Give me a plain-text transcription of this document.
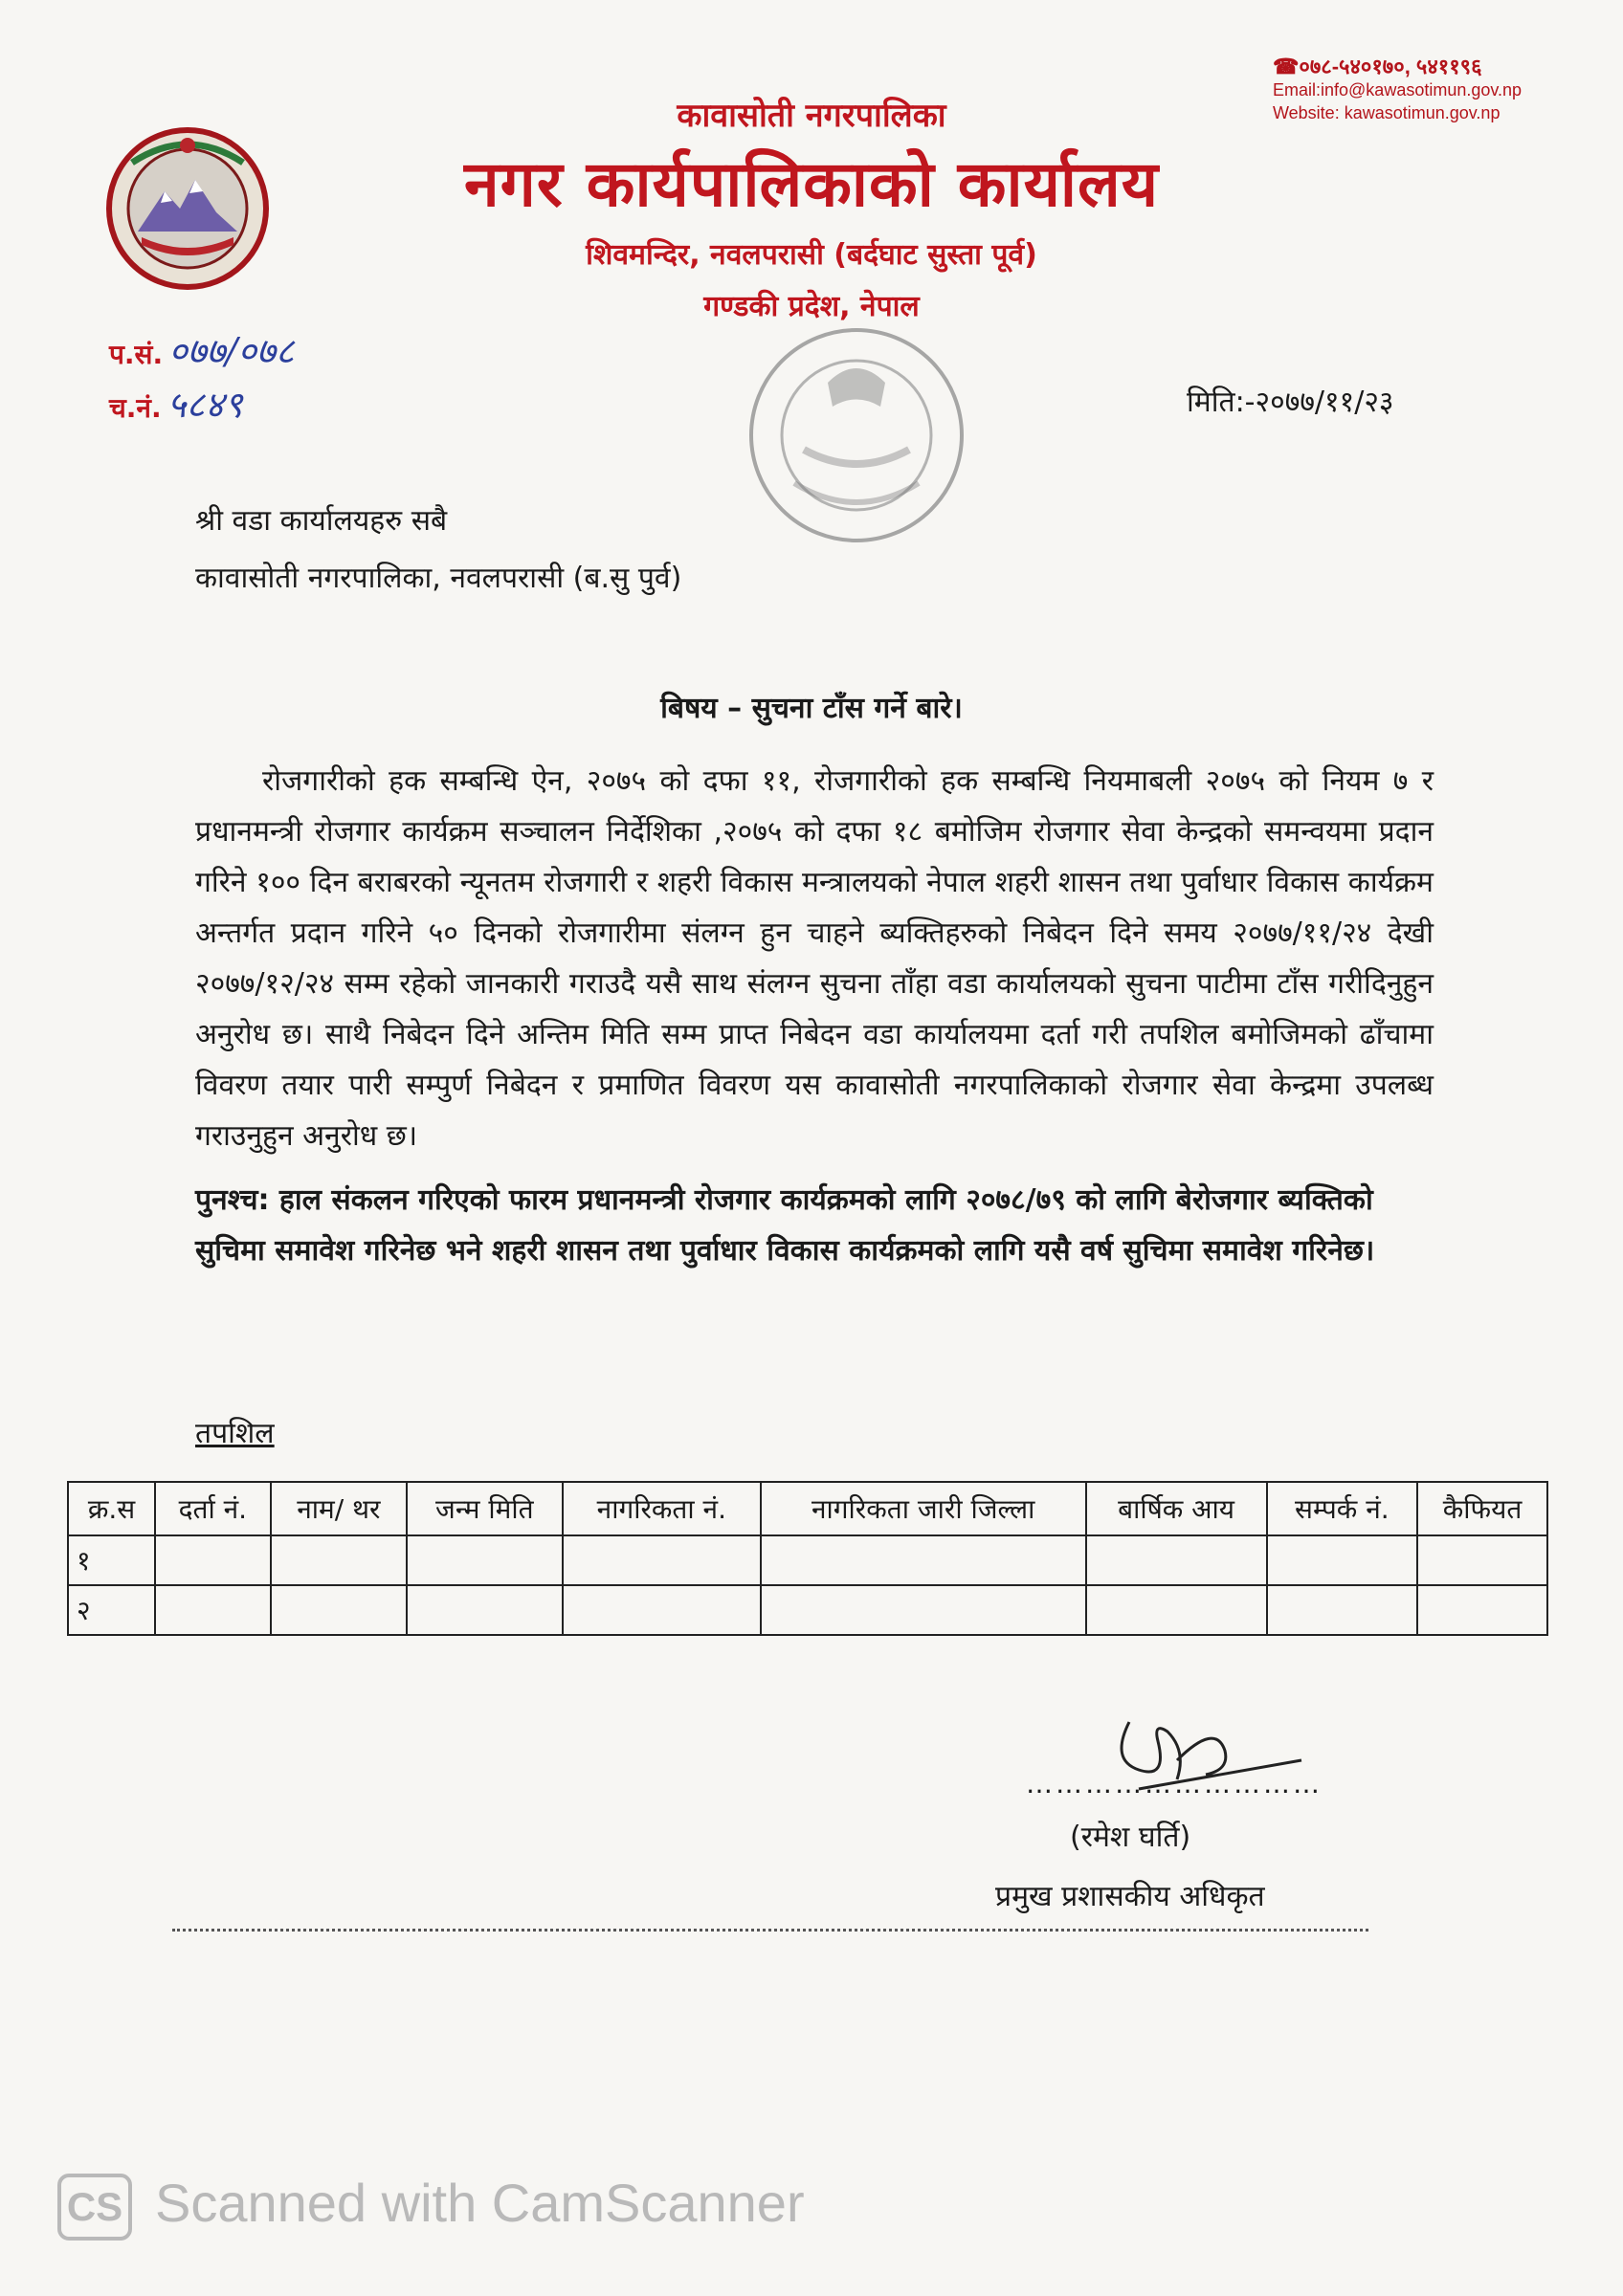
☎०७८-५४०१७०, ५४११९६
Email:info@kawasotimun.gov.np
Website: kawasotimun.gov.np
कावासोती नगरपालिका
नगर कार्यपालिकाको कार्यालय
शिवमन्दिर, नवलपरासी (बर्दघाट सुस्ता पूर्व)
गण्डकी प्रदेश, नेपाल
प.सं. ०७७/०७८
च.नं. ५८४९	मिति:-२०७७/११/२३
श्री वडा कार्यालयहरु सबै
कावासोती नगरपालिका, नवलपरासी (ब.सु पुर्व)
बिषय – सुचना टाँस गर्ने बारे।

रोजगारीको हक सम्बन्धि ऐन, २०७५ को दफा ११, रोजगारीको हक सम्बन्धि नियमाबली २०७५ को नियम ७ र प्रधानमन्त्री रोजगार कार्यक्रम सञ्चालन निर्देशिका ,२०७५ को दफा १८ बमोजिम रोजगार सेवा केन्द्रको समन्वयमा प्रदान गरिने १०० दिन बराबरको न्यूनतम रोजगारी र शहरी विकास मन्त्रालयको नेपाल शहरी शासन तथा पुर्वाधार विकास कार्यक्रम अन्तर्गत प्रदान गरिने ५० दिनको रोजगारीमा संलग्न हुन चाहने ब्यक्तिहरुको निबेदन दिने समय २०७७/११/२४ देखी २०७७/१२/२४ सम्म रहेको जानकारी गराउदै यसै साथ संलग्न सुचना ताँहा वडा कार्यालयको सुचना पाटीमा टाँस गरीदिनुहुन अनुरोध छ। साथै निबेदन दिने अन्तिम मिति सम्म प्राप्त निबेदन वडा कार्यालयमा दर्ता गरी तपशिल बमोजिमको ढाँचामा विवरण तयार पारी सम्पुर्ण निबेदन र प्रमाणित विवरण यस कावासोती नगरपालिकाको रोजगार सेवा केन्द्रमा उपलब्ध गराउनुहुन अनुरोध छ।

पुनश्च: हाल संकलन गरिएको फारम प्रधानमन्त्री रोजगार कार्यक्रमको लागि २०७८/७९ को लागि बेरोजगार ब्यक्तिको सुचिमा समावेश गरिनेछ भने शहरी शासन तथा पुर्वाधार विकास कार्यक्रमको लागि यसै वर्ष सुचिमा समावेश गरिनेछ।
तपशिल
क्र.स	दर्ता नं.	नाम/ थर	जन्म मिति	नागरिकता नं.	नागरिकता जारी जिल्ला	बार्षिक आय	सम्पर्क नं.	कैफियत
१								
२								
…………………………
(रमेश घर्ति)
प्रमुख प्रशासकीय अधिकृत
CS Scanned with CamScanner
